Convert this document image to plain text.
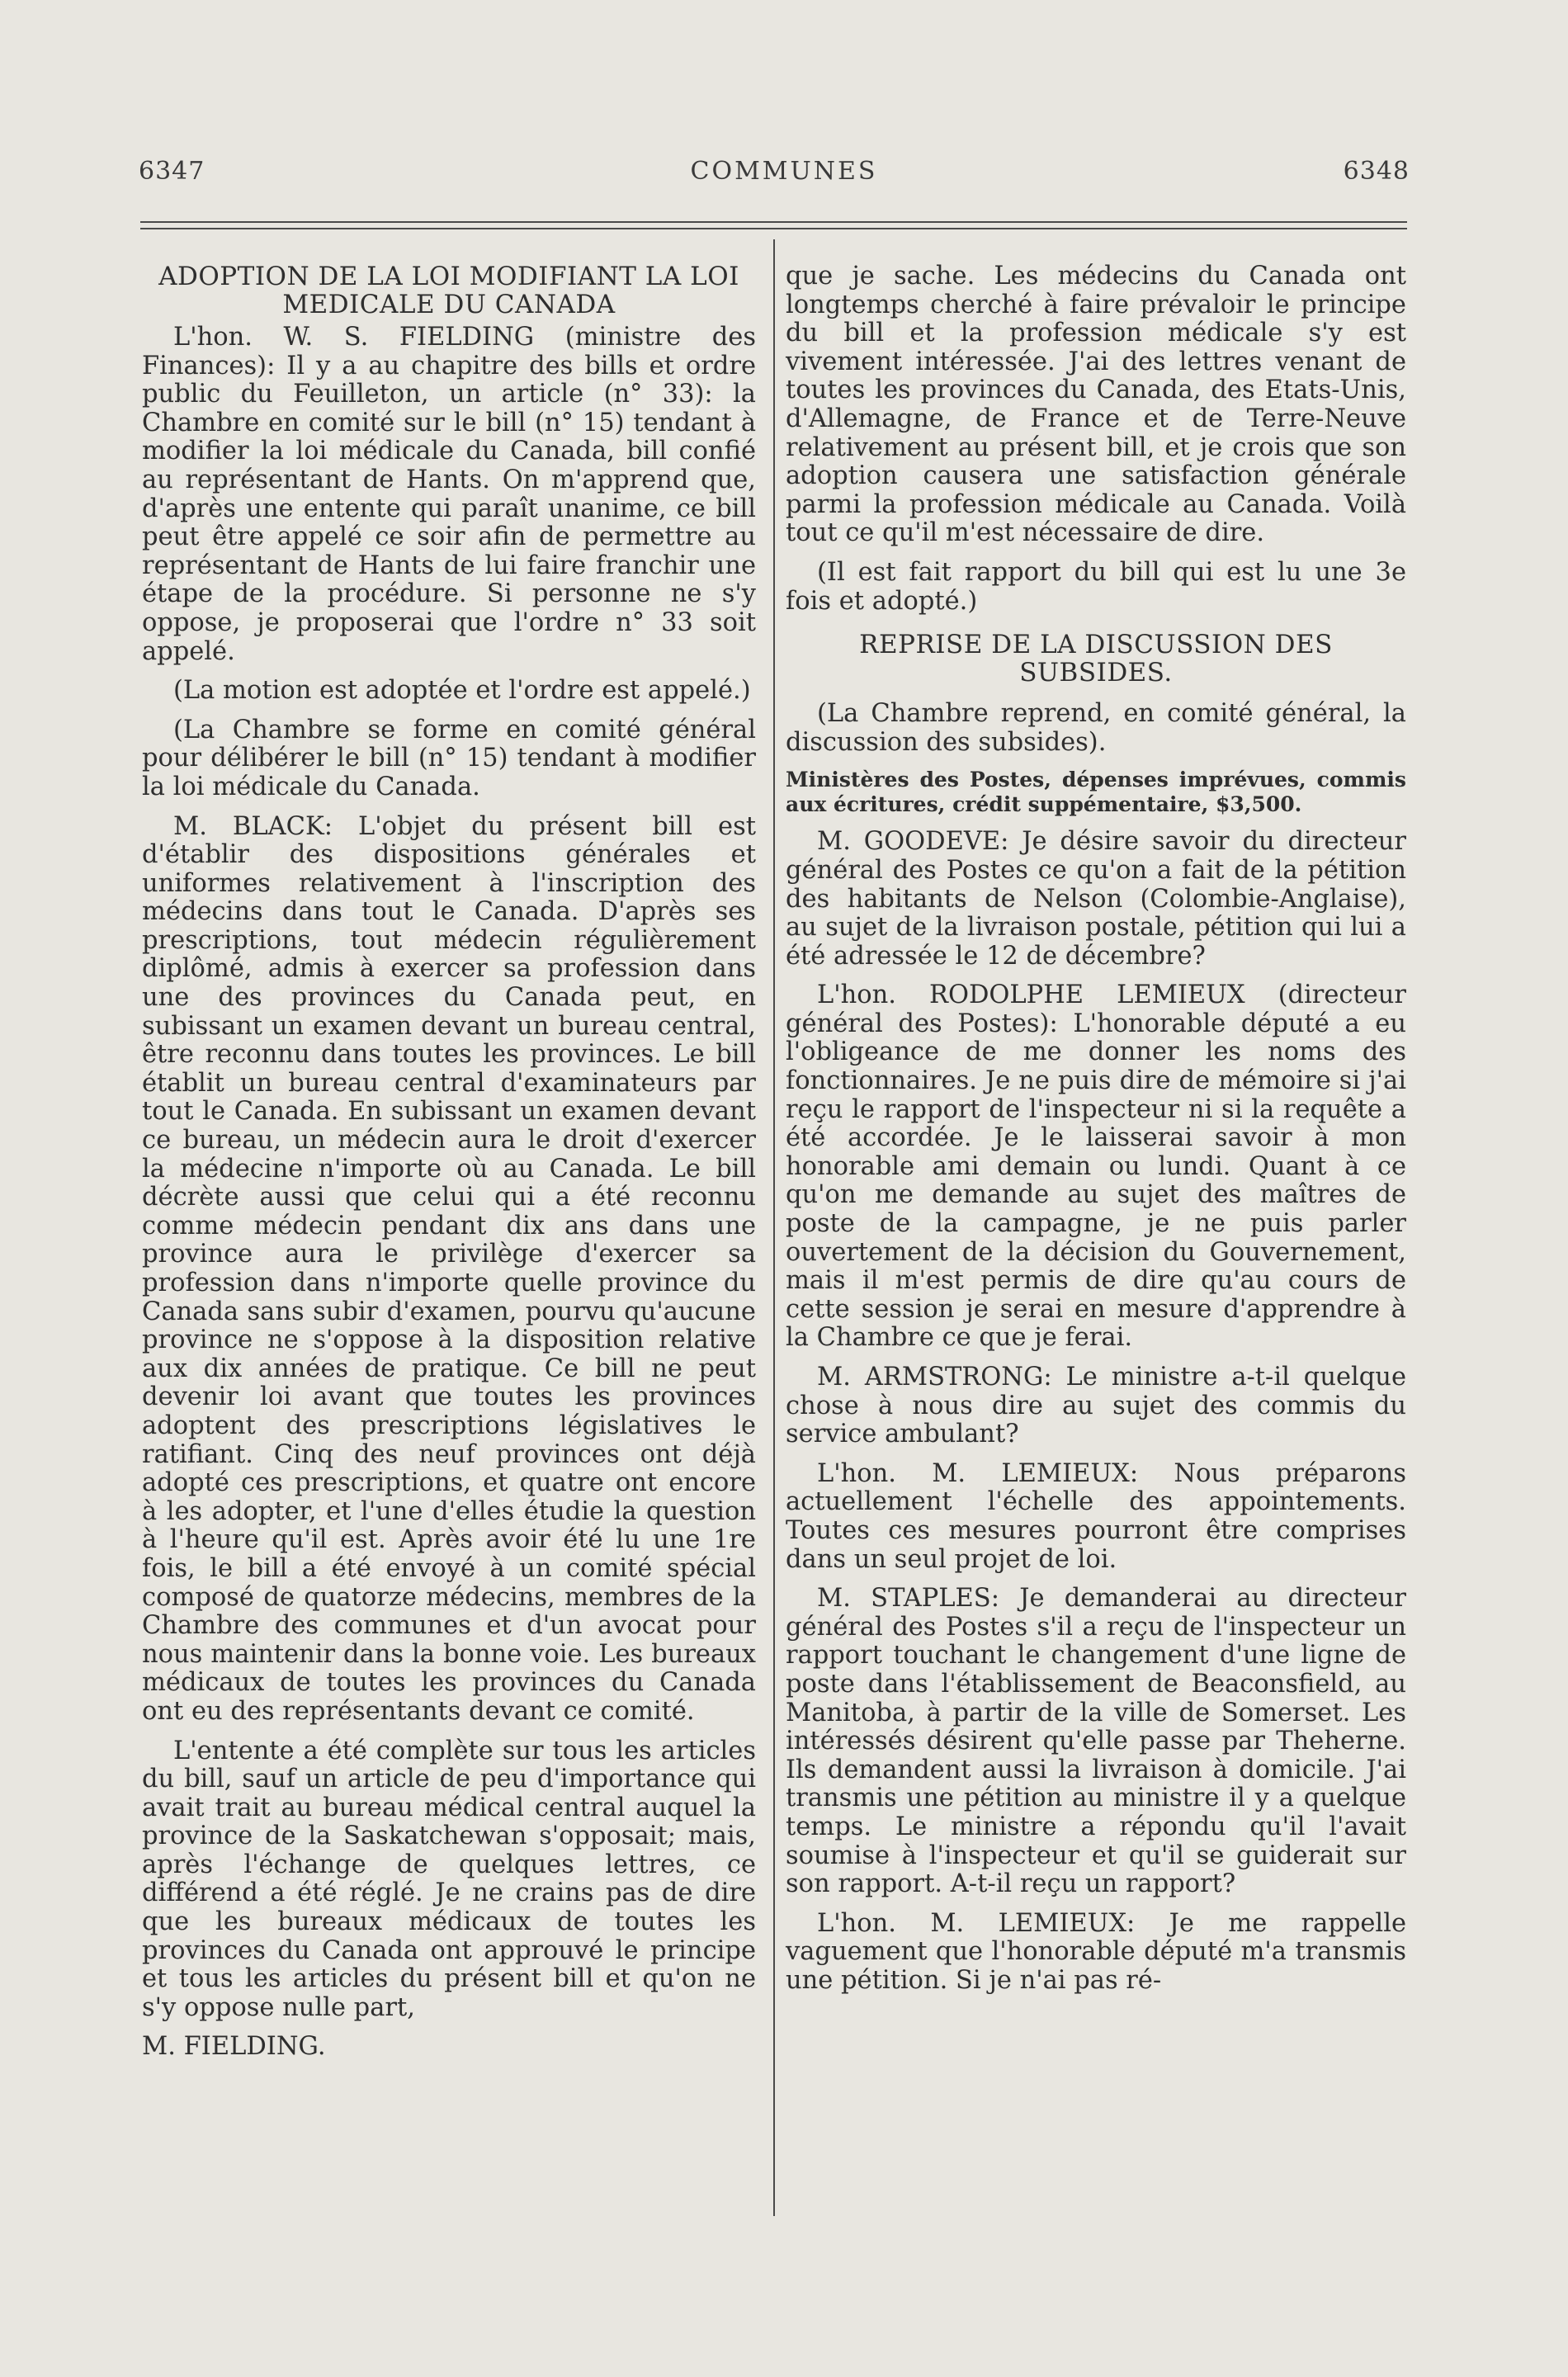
6347	COMMUNES	6348
ADOPTION DE LA LOI MODIFIANT LA LOI MEDICALE DU CANADA

L'hon. W. S. FIELDING (ministre des Finances): Il y a au chapitre des bills et ordre public du Feuilleton, un article (n° 33): la Chambre en comité sur le bill (n° 15) tendant à modifier la loi médicale du Canada, bill confié au représentant de Hants. On m'apprend que, d'après une entente qui paraît unanime, ce bill peut être appelé ce soir afin de permettre au représentant de Hants de lui faire franchir une étape de la procédure. Si personne ne s'y oppose, je proposerai que l'ordre n° 33 soit appelé.

(La motion est adoptée et l'ordre est appelé.)

(La Chambre se forme en comité général pour délibérer le bill (n° 15) tendant à modifier la loi médicale du Canada.

M. BLACK: L'objet du présent bill est d'établir des dispositions générales et uniformes relativement à l'inscription des médecins dans tout le Canada. D'après ses prescriptions, tout médecin régulièrement diplômé, admis à exercer sa profession dans une des provinces du Canada peut, en subissant un examen devant un bureau central, être reconnu dans toutes les provinces. Le bill établit un bureau central d'examinateurs par tout le Canada. En subissant un examen devant ce bureau, un médecin aura le droit d'exercer la médecine n'importe où au Canada. Le bill décrète aussi que celui qui a été reconnu comme médecin pendant dix ans dans une province aura le privilège d'exercer sa profession dans n'importe quelle province du Canada sans subir d'examen, pourvu qu'aucune province ne s'oppose à la disposition relative aux dix années de pratique. Ce bill ne peut devenir loi avant que toutes les provinces adoptent des prescriptions législatives le ratifiant. Cinq des neuf provinces ont déjà adopté ces prescriptions, et quatre ont encore à les adopter, et l'une d'elles étudie la question à l'heure qu'il est. Après avoir été lu une 1re fois, le bill a été envoyé à un comité spécial composé de quatorze médecins, membres de la Chambre des communes et d'un avocat pour nous maintenir dans la bonne voie. Les bureaux médicaux de toutes les provinces du Canada ont eu des représentants devant ce comité.

L'entente a été complète sur tous les articles du bill, sauf un article de peu d'importance qui avait trait au bureau médical central auquel la province de la Saskatchewan s'opposait; mais, après l'échange de quelques lettres, ce différend a été réglé. Je ne crains pas de dire que les bureaux médicaux de toutes les provinces du Canada ont approuvé le principe et tous les articles du présent bill et qu'on ne s'y oppose nulle part,

M. FIELDING.

que je sache. Les médecins du Canada ont longtemps cherché à faire prévaloir le principe du bill et la profession médicale s'y est vivement intéressée. J'ai des lettres venant de toutes les provinces du Canada, des Etats-Unis, d'Allemagne, de France et de Terre-Neuve relativement au présent bill, et je crois que son adoption causera une satisfaction générale parmi la profession médicale au Canada. Voilà tout ce qu'il m'est nécessaire de dire.

(Il est fait rapport du bill qui est lu une 3e fois et adopté.)

REPRISE DE LA DISCUSSION DES SUBSIDES.

(La Chambre reprend, en comité général, la discussion des subsides).

Ministères des Postes, dépenses imprévues, commis aux écritures, crédit suppémentaire, $3,500.

M. GOODEVE: Je désire savoir du directeur général des Postes ce qu'on a fait de la pétition des habitants de Nelson (Colombie-Anglaise), au sujet de la livraison postale, pétition qui lui a été adressée le 12 de décembre?

L'hon. RODOLPHE LEMIEUX (directeur général des Postes): L'honorable député a eu l'obligeance de me donner les noms des fonctionnaires. Je ne puis dire de mémoire si j'ai reçu le rapport de l'inspecteur ni si la requête a été accordée. Je le laisserai savoir à mon honorable ami demain ou lundi. Quant à ce qu'on me demande au sujet des maîtres de poste de la campagne, je ne puis parler ouvertement de la décision du Gouvernement, mais il m'est permis de dire qu'au cours de cette session je serai en mesure d'apprendre à la Chambre ce que je ferai.

M. ARMSTRONG: Le ministre a-t-il quelque chose à nous dire au sujet des commis du service ambulant?

L'hon. M. LEMIEUX: Nous préparons actuellement l'échelle des appointements. Toutes ces mesures pourront être comprises dans un seul projet de loi.

M. STAPLES: Je demanderai au directeur général des Postes s'il a reçu de l'inspecteur un rapport touchant le changement d'une ligne de poste dans l'établissement de Beaconsfield, au Manitoba, à partir de la ville de Somerset. Les intéressés désirent qu'elle passe par Theherne. Ils demandent aussi la livraison à domicile. J'ai transmis une pétition au ministre il y a quelque temps. Le ministre a répondu qu'il l'avait soumise à l'inspecteur et qu'il se guiderait sur son rapport. A-t-il reçu un rapport?

L'hon. M. LEMIEUX: Je me rappelle vaguement que l'honorable député m'a transmis une pétition. Si je n'ai pas ré-
